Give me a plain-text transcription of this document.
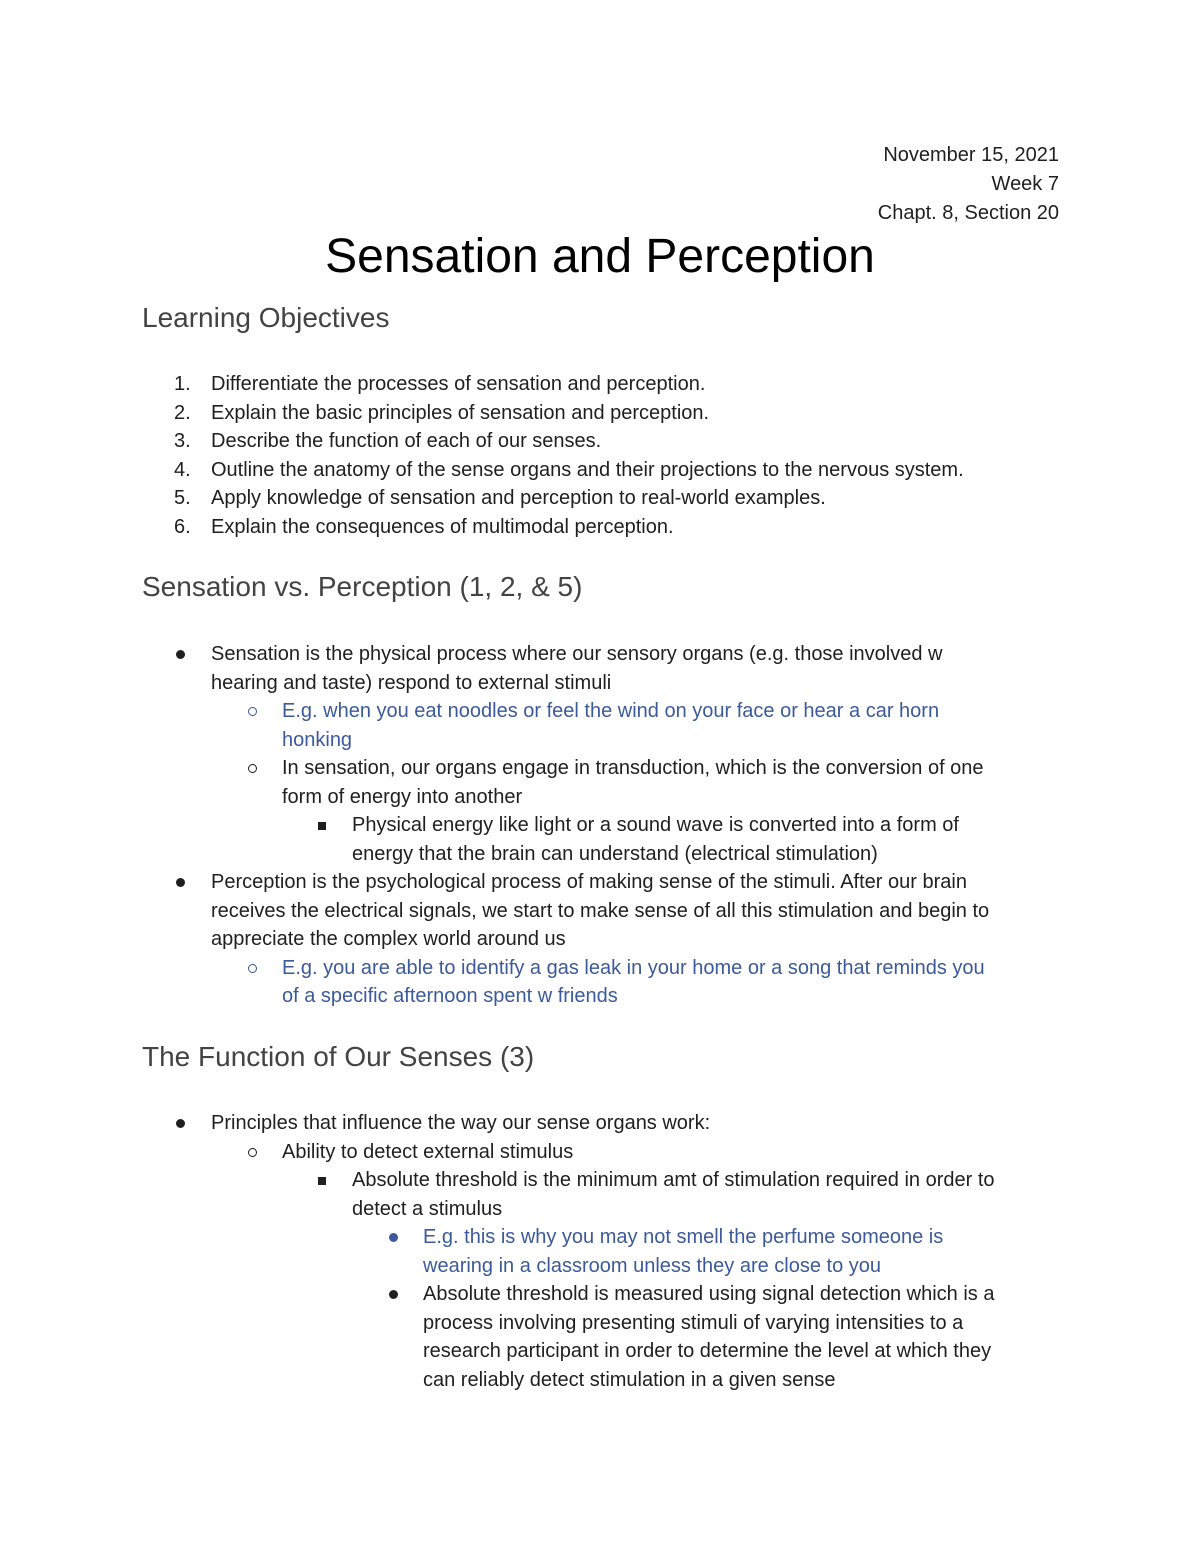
November 15, 2021
Week 7
Chapt. 8, Section 20
Sensation and Perception
Learning Objectives
1. Differentiate the processes of sensation and perception.
2. Explain the basic principles of sensation and perception.
3. Describe the function of each of our senses.
4. Outline the anatomy of the sense organs and their projections to the nervous system.
5. Apply knowledge of sensation and perception to real-world examples.
6. Explain the consequences of multimodal perception.
Sensation vs. Perception (1, 2, & 5)
Sensation is the physical process where our sensory organs (e.g. those involved w
hearing and taste) respond to external stimuli
E.g. when you eat noodles or feel the wind on your face or hear a car horn
honking
In sensation, our organs engage in transduction, which is the conversion of one
form of energy into another
Physical energy like light or a sound wave is converted into a form of
energy that the brain can understand (electrical stimulation)
Perception is the psychological process of making sense of the stimuli. After our brain
receives the electrical signals, we start to make sense of all this stimulation and begin to
appreciate the complex world around us
E.g. you are able to identify a gas leak in your home or a song that reminds you
of a specific afternoon spent w friends
The Function of Our Senses (3)
Principles that influence the way our sense organs work:
Ability to detect external stimulus
Absolute threshold is the minimum amt of stimulation required in order to
detect a stimulus
E.g. this is why you may not smell the perfume someone is
wearing in a classroom unless they are close to you
Absolute threshold is measured using signal detection which is a
process involving presenting stimuli of varying intensities to a
research participant in order to determine the level at which they
can reliably detect stimulation in a given sense
